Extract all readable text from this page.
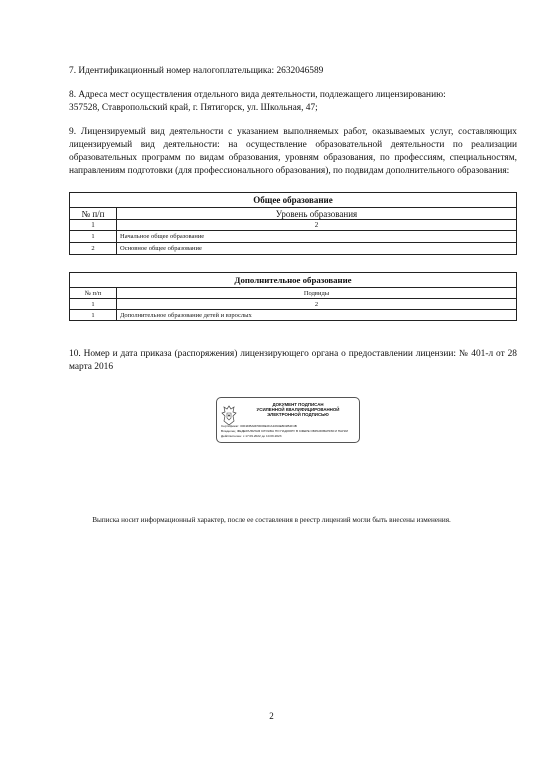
7. Идентификационный номер налогоплательщика: 2632046589
8. Адреса мест осуществления отдельного вида деятельности, подлежащего лицензированию:
357528, Ставропольский край, г. Пятигорск, ул. Школьная, 47;
9. Лицензируемый вид деятельности с указанием выполняемых работ, оказываемых услуг, составляющих лицензируемый вид деятельности: на осуществление образовательной деятельности по реализации образовательных программ по видам образования, уровням образования, по профессиям, специальностям, направлениям подготовки (для профессионального образования), по подвидам дополнительного образования:
Общее образование	
№ п/п	Уровень образования
1	2
1	Начальное общее образование
2	Основное общее образование
Дополнительное образование	
№ п/п	Подвиды
1	2
1	Дополнительное образование детей и взрослых
10. Номер и дата приказа (распоряжения) лицензирующего органа о предоставлении лицензии: № 401-л от 28 марта 2016
ДОКУМЕНТ ПОДПИСАН
УСИЛЕННОЙ КВАЛИФИЦИРОВАННОЙ
ЭЛЕКТРОННОЙ ПОДПИСЬЮ
Сертификат: 00F2DBA0F5D09E0CA1094E8D2B4F4B
Владелец: ФЕДЕРАЛЬНАЯ СЛУЖБА ПО НАДЗОРУ В СФЕРЕ ОБРАЗОВАНИЯ И НАУКИ
Действителен: с 17.09.2022 до 10.09.2023
Выписка носит информационный характер, после ее составления в реестр лицензий могли быть внесены изменения.
2
